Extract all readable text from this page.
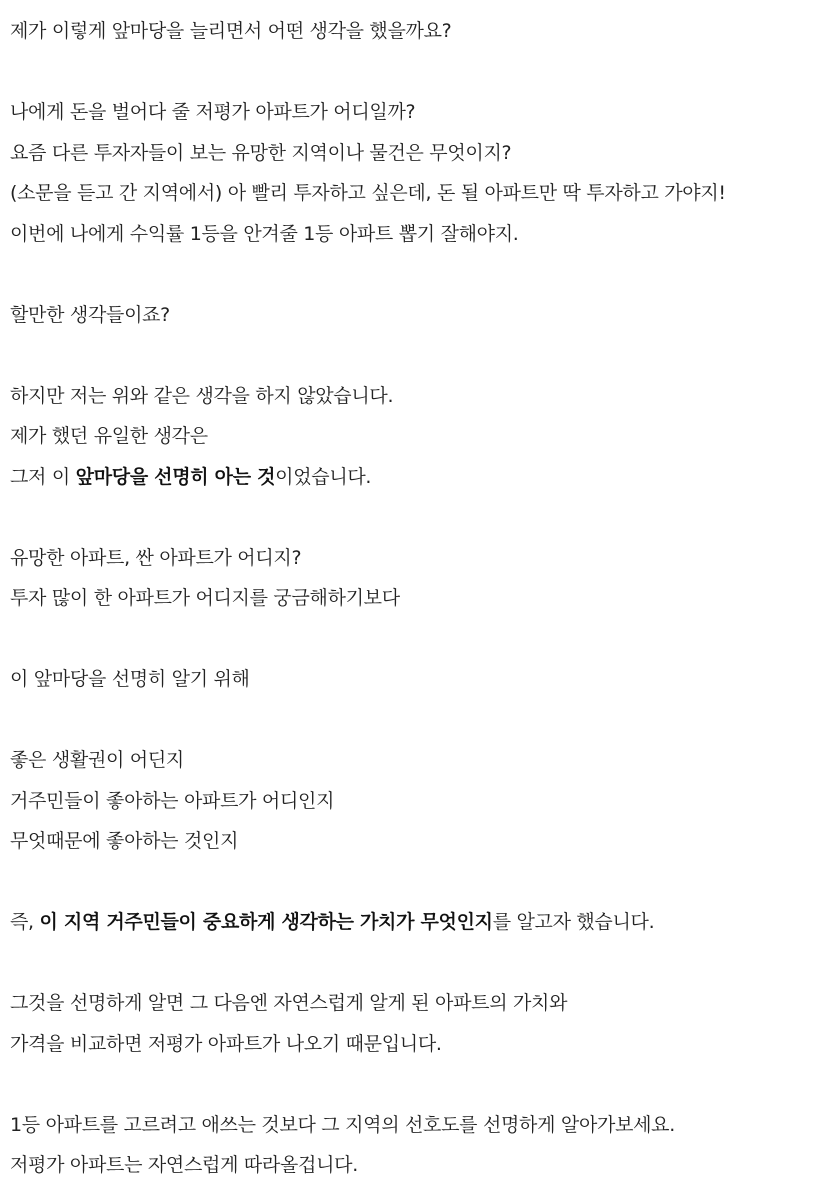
제가 이렇게 앞마당을 늘리면서 어떤 생각을 했을까요?
나에게 돈을 벌어다 줄 저평가 아파트가 어디일까?
요즘 다른 투자자들이 보는 유망한 지역이나 물건은 무엇이지?
(소문을 듣고 간 지역에서) 아 빨리 투자하고 싶은데, 돈 될 아파트만 딱 투자하고 가야지!
이번에 나에게 수익률 1등을 안겨줄 1등 아파트 뽑기 잘해야지.
할만한 생각들이죠?
하지만 저는 위와 같은 생각을 하지 않았습니다.
제가 했던 유일한 생각은
그저 이 앞마당을 선명히 아는 것이었습니다.
유망한 아파트, 싼 아파트가 어디지?
투자 많이 한 아파트가 어디지를 궁금해하기보다
이 앞마당을 선명히 알기 위해
좋은 생활권이 어딘지
거주민들이 좋아하는 아파트가 어디인지
무엇때문에 좋아하는 것인지
즉, 이 지역 거주민들이 중요하게 생각하는 가치가 무엇인지를 알고자 했습니다.
그것을 선명하게 알면 그 다음엔 자연스럽게 알게 된 아파트의 가치와
가격을 비교하면 저평가 아파트가 나오기 때문입니다.
1등 아파트를 고르려고 애쓰는 것보다 그 지역의 선호도를 선명하게 알아가보세요.
저평가 아파트는 자연스럽게 따라올겁니다.
